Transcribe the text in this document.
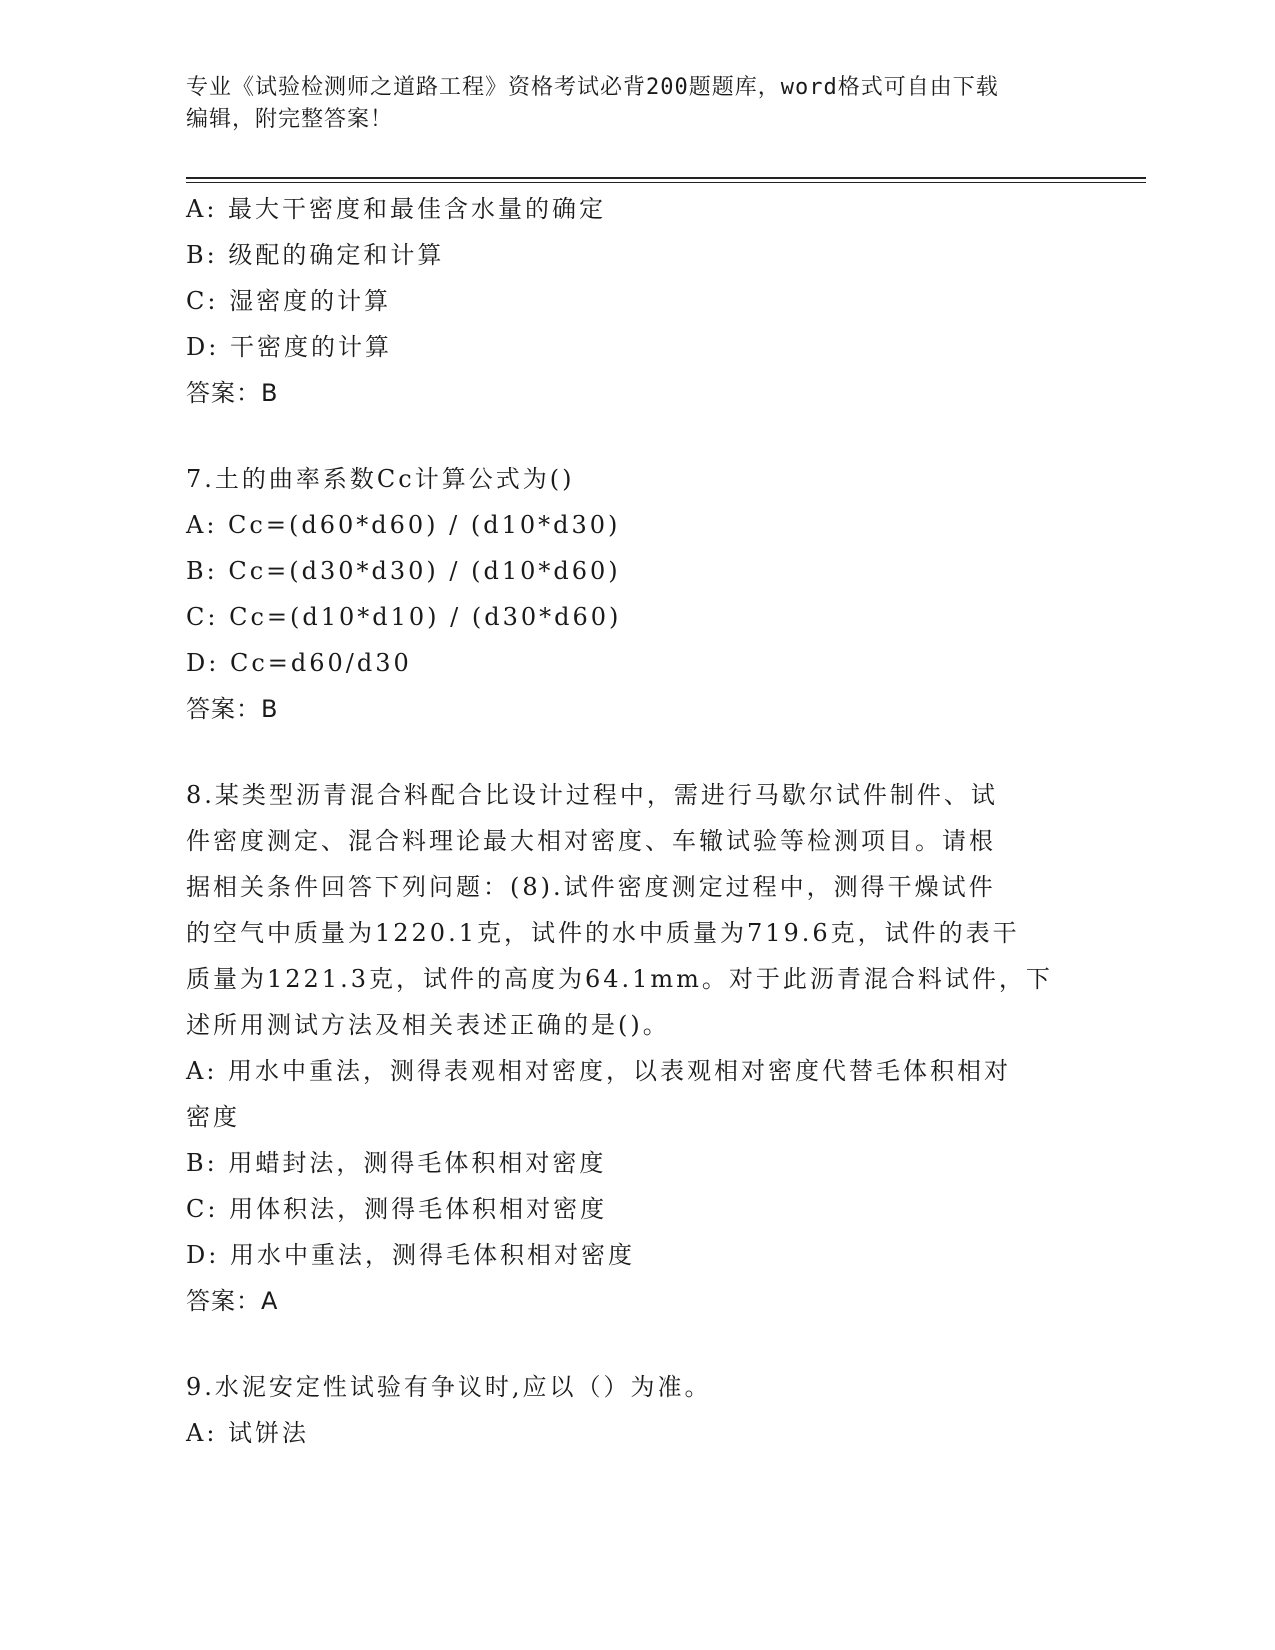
专业《试验检测师之道路工程》资格考试必背200题题库，word格式可自由下载
编辑，附完整答案！
A: 最大干密度和最佳含水量的确定
B: 级配的确定和计算
C: 湿密度的计算
D: 干密度的计算
答案：B
7.土的曲率系数Cc计算公式为()
A: Cc=(d60*d60) / (d10*d30)
B: Cc=(d30*d30) / (d10*d60)
C: Cc=(d10*d10) / (d30*d60)
D: Cc=d60/d30
答案：B
8.某类型沥青混合料配合比设计过程中，需进行马歇尔试件制件、试
件密度测定、混合料理论最大相对密度、车辙试验等检测项目。请根
据相关条件回答下列问题：(8).试件密度测定过程中，测得干燥试件
的空气中质量为1220.1克，试件的水中质量为719.6克，试件的表干
质量为1221.3克，试件的高度为64.1mm。对于此沥青混合料试件，下
述所用测试方法及相关表述正确的是()。
A: 用水中重法，测得表观相对密度，以表观相对密度代替毛体积相对
密度
B: 用蜡封法，测得毛体积相对密度
C: 用体积法，测得毛体积相对密度
D: 用水中重法，测得毛体积相对密度
答案：A
9.水泥安定性试验有争议时,应以（）为准。
A: 试饼法
